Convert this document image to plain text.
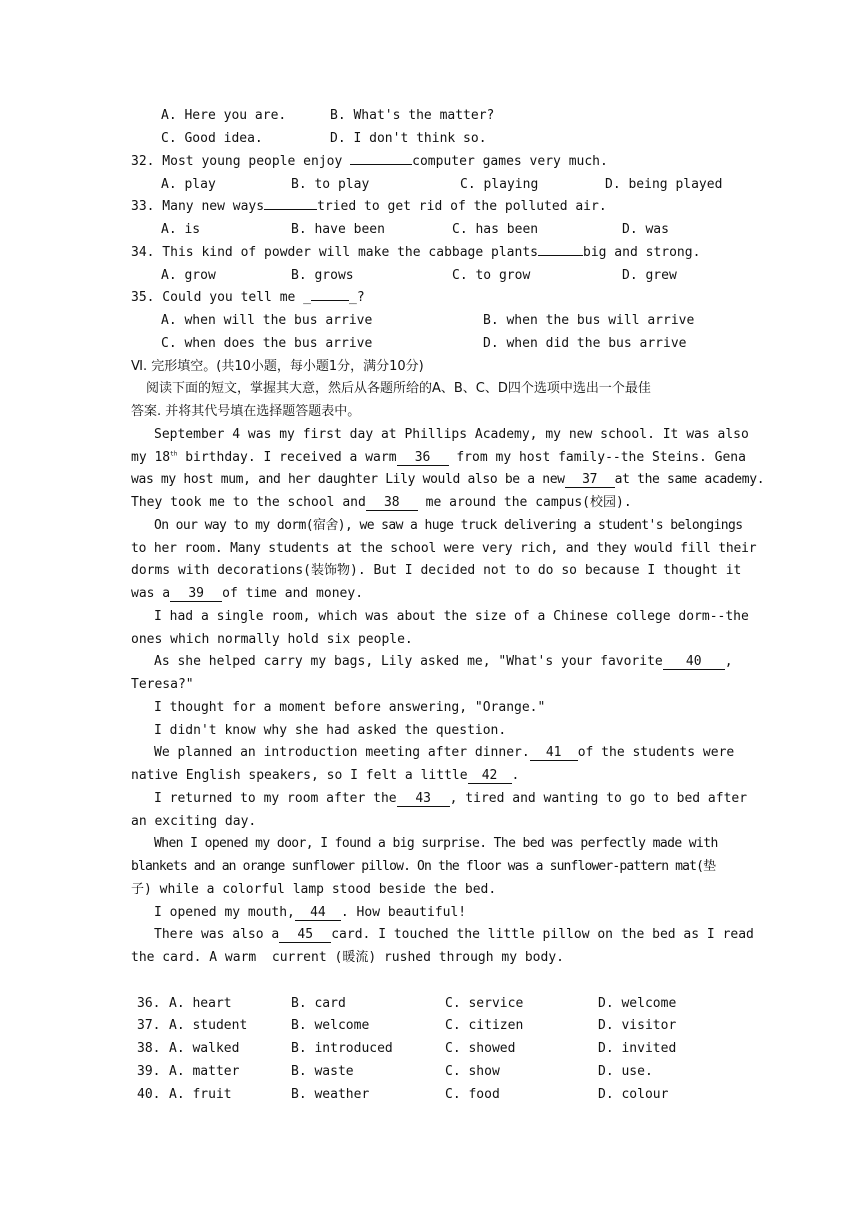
A. Here you are.	B. What's the matter?
C. Good idea.	D. I don't think so.
32. Most young people enjoy	computer games very much.
A. play	B. to play	C. playing	D. being played
33. Many new ways	tried to get rid of the polluted air.
A. is	B. have been	C. has been	D. was
34. This kind of powder will make the cabbage plants	big and strong.
A. grow	B. grows	C. to grow	D. grew
35. Could you tell me _	_?
A. when will the bus arrive	B. when the bus will arrive
C. when does the bus arrive	D. when did the bus arrive
Ⅵ. 完形填空。(共10小题，每小题1分，满分10分)
阅读下面的短文，掌握其大意，然后从各题所给的A、B、C、D四个选项中选出一个最佳
答案. 并将其代号填在选择题答题表中。
September 4 was my first day at Phillips Academy, my new school. It was also
my 18th birthday. I received a warm 36 from my host family--the Steins. Gena
was my host mum, and her daughter Lily would also be a new 37 at the same academy.
They took me to the school and 38 me around the campus(校园).
On our way to my dorm(宿舍), we saw a huge truck delivering a student's belongings
to her room. Many students at the school were very rich, and they would fill their
dorms with decorations(装饰物). But I decided not to do so because I thought it
was a 39 of time and money.
I had a single room, which was about the size of a Chinese college dorm--the
ones which normally hold six people.
As she helped carry my bags, Lily asked me, "What's your favorite 40 ,
Teresa?"
I thought for a moment before answering, "Orange."
I didn't know why she had asked the question.
We planned an introduction meeting after dinner. 41 of the students were
native English speakers, so I felt a little 42 .
I returned to my room after the 43 , tired and wanting to go to bed after
an exciting day.
When I opened my door, I found a big surprise. The bed was perfectly made with
blankets and an orange sunflower pillow. On the floor was a sunflower-pattern mat(垫
子) while a colorful lamp stood beside the bed.
I opened my mouth, 44 . How beautiful!
There was also a 45 card. I touched the little pillow on the bed as I read
the card. A warm  current (暖流) rushed through my body.
36. A. heart	B. card	C. service	D. welcome
37. A. student	B. welcome	C. citizen	D. visitor
38. A. walked	B. introduced	C. showed	D. invited
39. A. matter	B. waste	C. show	D. use.
40. A. fruit	B. weather	C. food	D. colour
